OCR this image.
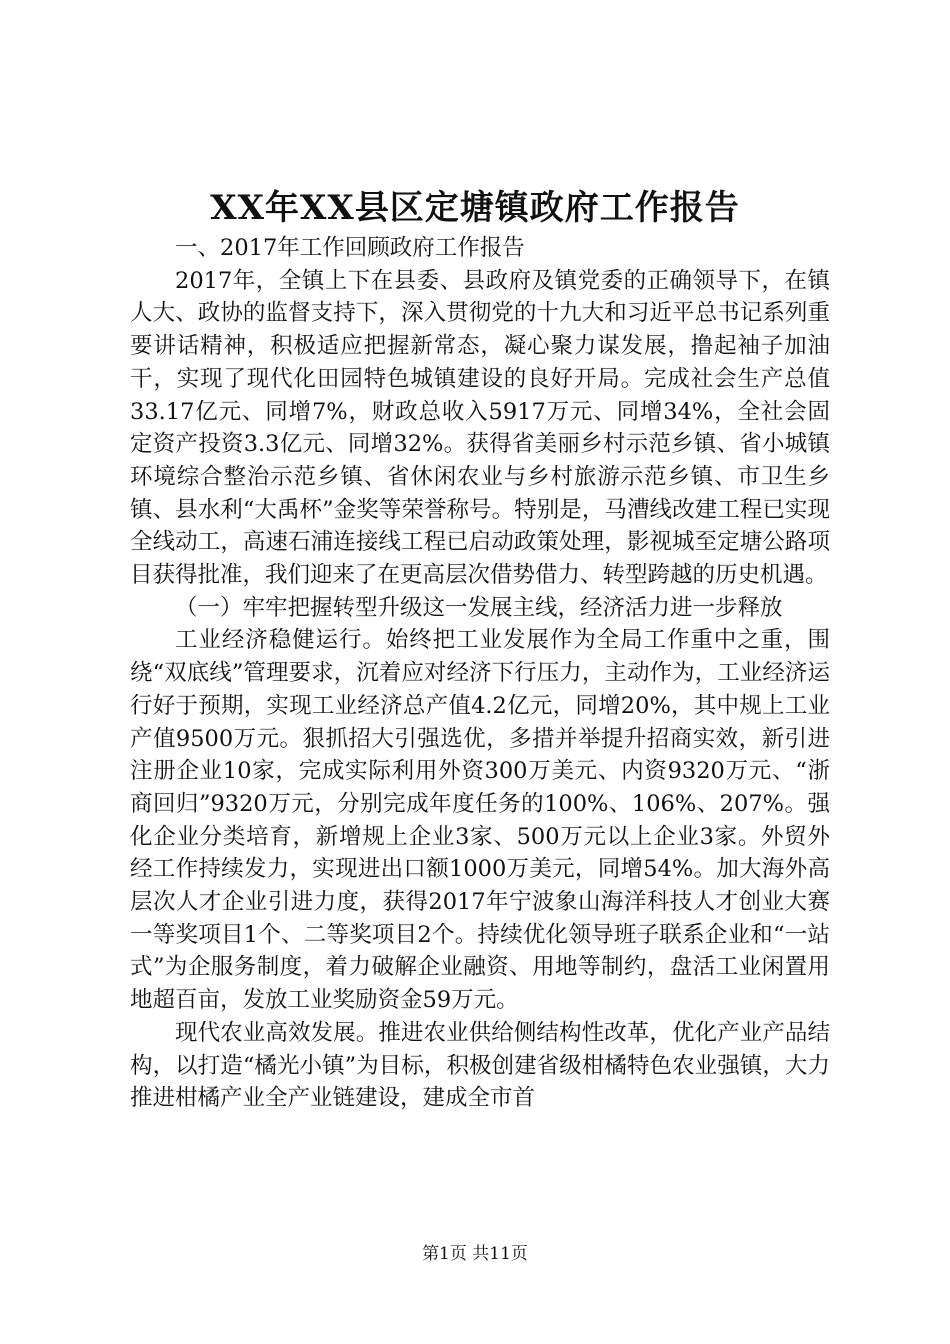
XX年XX县区定塘镇政府工作报告

一、2017年工作回顾政府工作报告

2017年，全镇上下在县委、县政府及镇党委的正确领导下，在镇人大、政协的监督支持下，深入贯彻党的十九大和习近平总书记系列重要讲话精神，积极适应把握新常态，凝心聚力谋发展，撸起袖子加油干，实现了现代化田园特色城镇建设的良好开局。完成社会生产总值33.17亿元、同增7%，财政总收入5917万元、同增34%，全社会固定资产投资3.3亿元、同增32%。获得省美丽乡村示范乡镇、省小城镇环境综合整治示范乡镇、省休闲农业与乡村旅游示范乡镇、市卫生乡镇、县水利“大禹杯”金奖等荣誉称号。特别是，马漕线改建工程已实现全线动工，高速石浦连接线工程已启动政策处理，影视城至定塘公路项目获得批准，我们迎来了在更高层次借势借力、转型跨越的历史机遇。

（一）牢牢把握转型升级这一发展主线，经济活力进一步释放

工业经济稳健运行。始终把工业发展作为全局工作重中之重，围绕“双底线”管理要求，沉着应对经济下行压力，主动作为，工业经济运行好于预期，实现工业经济总产值4.2亿元，同增20%，其中规上工业产值9500万元。狠抓招大引强选优，多措并举提升招商实效，新引进注册企业10家，完成实际利用外资300万美元、内资9320万元、“浙商回归”9320万元，分别完成年度任务的100%、106%、207%。强化企业分类培育，新增规上企业3家、500万元以上企业3家。外贸外经工作持续发力，实现进出口额1000万美元，同增54%。加大海外高层次人才企业引进力度，获得2017年宁波象山海洋科技人才创业大赛一等奖项目1个、二等奖项目2个。持续优化领导班子联系企业和“一站式”为企服务制度，着力破解企业融资、用地等制约，盘活工业闲置用地超百亩，发放工业奖励资金59万元。

现代农业高效发展。推进农业供给侧结构性改革，优化产业产品结构，以打造“橘光小镇”为目标，积极创建省级柑橘特色农业强镇，大力推进柑橘产业全产业链建设，建成全市首

第1页 共11页
